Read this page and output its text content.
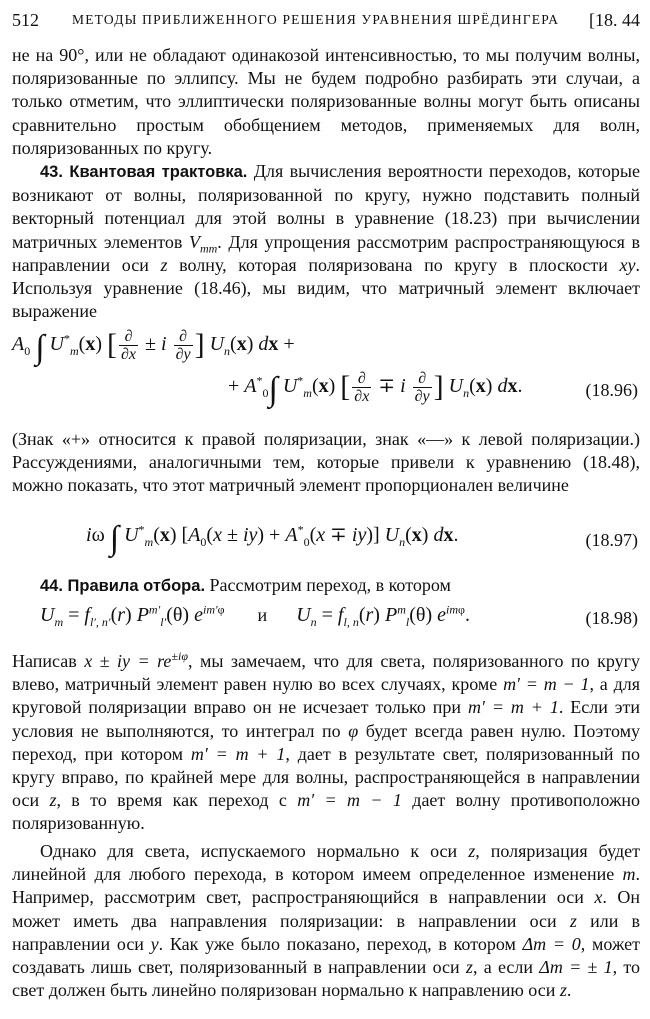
512 МЕТОДЫ ПРИБЛИЖЕННОГО РЕШЕНИЯ УРАВНЕНИЯ ШРЁДИНГЕРА [18. 44
не на 90°, или не обладают одинакозой интенсивностью, то мы получим волны, поляризованные по эллипсу. Мы не будем подробно разбирать эти случаи, а только отметим, что эллиптически поляризованные волны могут быть описаны сравнительно простым обобщением методов, применяемых для волн, поляризованных по кругу.
43. Квантовая трактовка. Для вычисления вероятности переходов, которые возникают от волны, поляризованной по кругу, нужно подставить полный векторный потенциал для этой волны в уравнение (18.23) при вычислении матричных элементов $V_{mm}$. Для упрощения рассмотрим распространяющуюся в направлении оси z волну, которая поляризована по кругу в плоскости xy. Используя уравнение (18.46), мы видим, что матричный элемент включает выражение
$A_0$ ∫ $U^*_m(x)$ [ $\frac{\partial}{\partial x} \pm i \frac{\partial}{\partial y}$ ] $U_n(x)$ dx +
+ $A^*_0\int$ $U^*_m(x)$ [ $\frac{\partial}{\partial x} \mp i \frac{\partial}{\partial y}$ ] $U_n(x)$ dx.	(18.96)
(Знак «+» относится к правой поляризации, знак «—» к левой поляризации.) Рассуждениями, аналогичными тем, которые привели к уравнению (18.48), можно показать, что этот матричный элемент пропорционален величине
iω ∫ $U^*_m(x) [A_0(x \pm iy) + A^*_0(x \mp iy)]$ $U_n(x)$ dx.	(18.97)
44. Правила отбора. Рассмотрим переход, в котором
$U_m = f_{l', n'}(r)$ $P^{m'}_{l'}(\theta)$ $e^{im'\varphi}$ и $U_n = f_{l, n}(r)$ $P^m_l(\theta)$ $e^{im\varphi}$.	(18.98)
Написав x ± iy = $re^{\pm i\varphi}$, мы замечаем, что для света, поляризованного по кругу влево, матричный элемент равен нулю во всех случаях, кроме m′ = m − 1, а для круговой поляризации вправо он не исчезает только при m′ = m + 1. Если эти условия не выполняются, то интеграл по φ будет всегда равен нулю. Поэтому переход, при котором m′ = m + 1, дает в результате свет, поляризованный по кругу вправо, по крайней мере для волны, распространяющейся в направлении оси z, в то время как переход с m′ = m − 1 дает волну противоположно поляризованную.
Однако для света, испускаемого нормально к оси z, поляризация будет линейной для любого перехода, в котором имеем определенное изменение m. Например, рассмотрим свет, распространяющийся в направлении оси x. Он может иметь два направления поляризации: в направлении оси z или в направлении оси y. Как уже было показано, переход, в котором Δm = 0, может создавать лишь свет, поляризованный в направлении оси z, а если Δm = ± 1, то свет должен быть линейно поляризован нормально к направлению оси z.
